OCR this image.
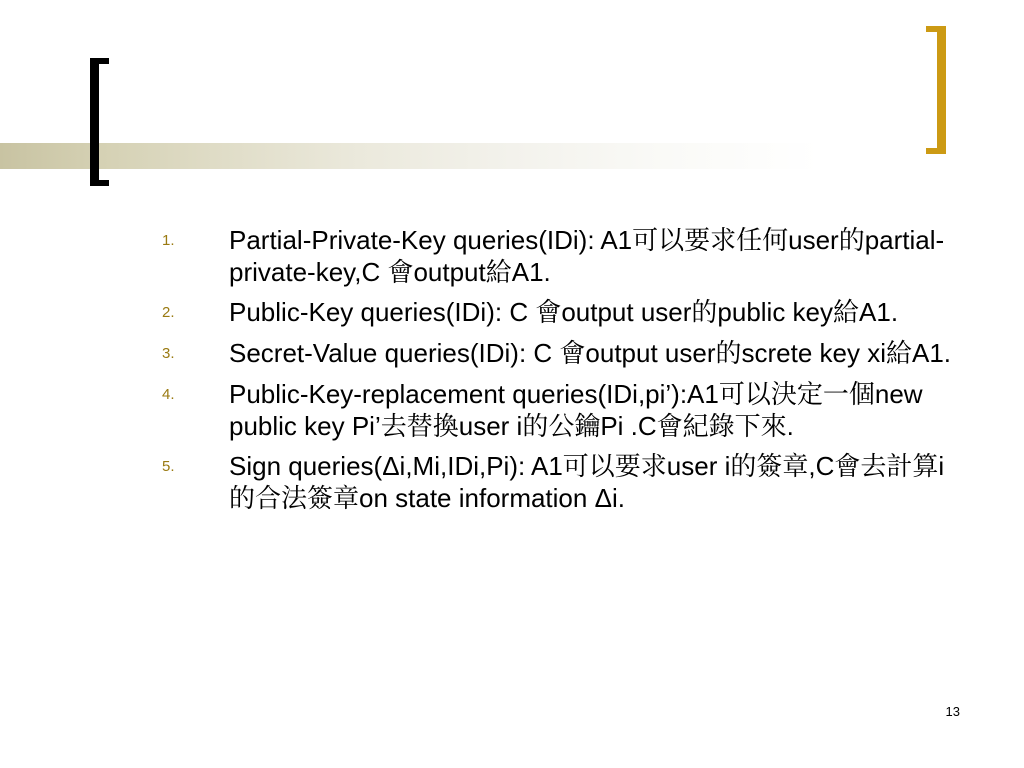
1.	Partial-Private-Key queries(IDi): A1可以要求任何user的partial-private-key,C 會output給A1.
2.	Public-Key queries(IDi): C 會output user的public key給A1.
3.	Secret-Value queries(IDi): C 會output user的screte key xi給A1.
4.	Public-Key-replacement queries(IDi,pi’):A1可以決定一個new public key Pi’去替換user i的公鑰Pi .C會紀錄下來.
5.	Sign queries(Δi,Mi,IDi,Pi): A1可以要求user i的簽章,C會去計算i的合法簽章on state information Δi.
13
